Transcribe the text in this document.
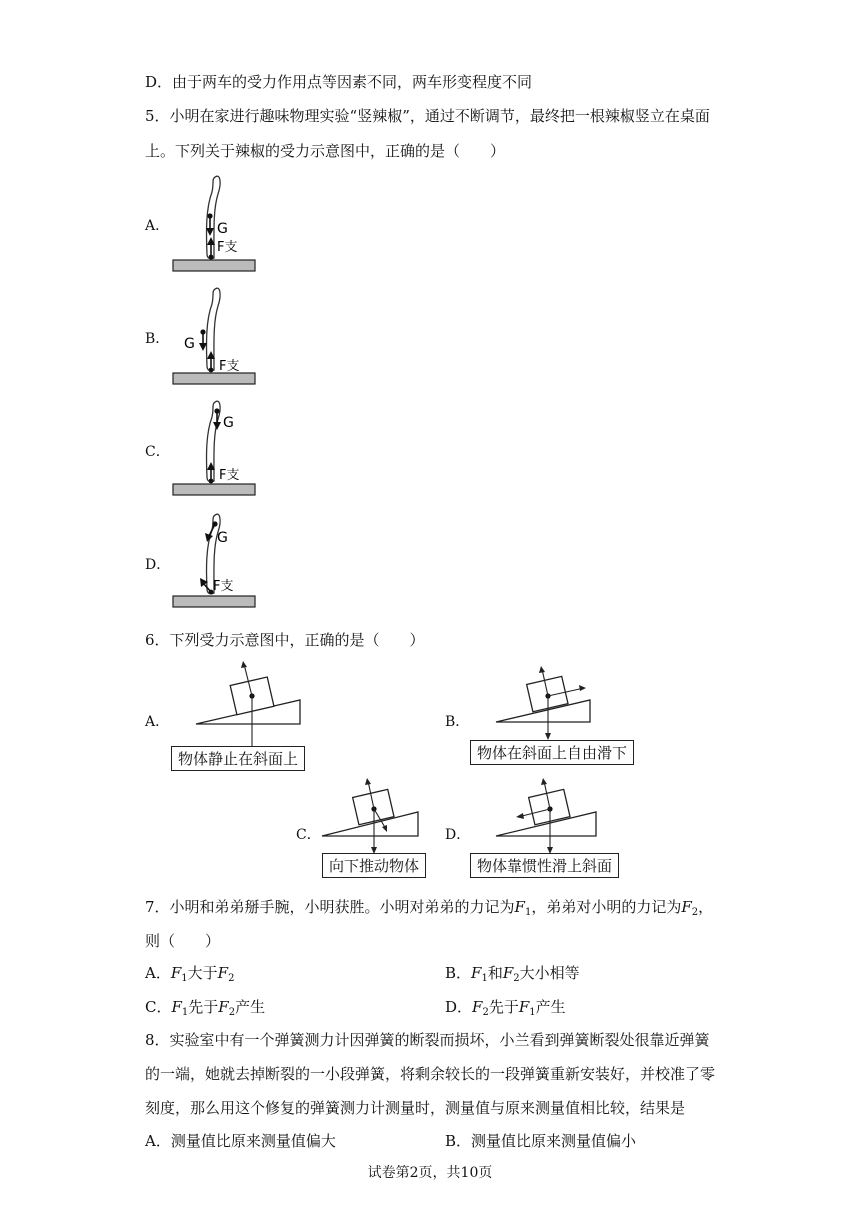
D．由于两车的受力作用点等因素不同，两车形变程度不同
5．小明在家进行趣味物理实验“竖辣椒”，通过不断调节，最终把一根辣椒竖立在桌面
上。下列关于辣椒的受力示意图中，正确的是（　　）
A．	G
F支
B． G
F支
C．
G
F支
D．
G
F支
6．下列受力示意图中，正确的是（　　）
A．
物体静止在斜面上
B．
物体在斜面上自由滑下
C．
向下推动物体
D．
物体靠惯性滑上斜面
7．小明和弟弟掰手腕，小明获胜。小明对弟弟的力记为$F_1$，弟弟对小明的力记为$F_2$，
则（　　）
A．$F_1$大于$F_2$	B．$F_1$和$F_2$大小相等
C．$F_1$先于$F_2$产生	D．$F_2$先于$F_1$产生
8．实验室中有一个弹簧测力计因弹簧的断裂而损坏，小兰看到弹簧断裂处很靠近弹簧
的一端，她就去掉断裂的一小段弹簧，将剩余较长的一段弹簧重新安装好，并校准了零
刻度，那么用这个修复的弹簧测力计测量时，测量值与原来测量值相比较，结果是
A．测量值比原来测量值偏大	B．测量值比原来测量值偏小
试卷第2页，共10页
